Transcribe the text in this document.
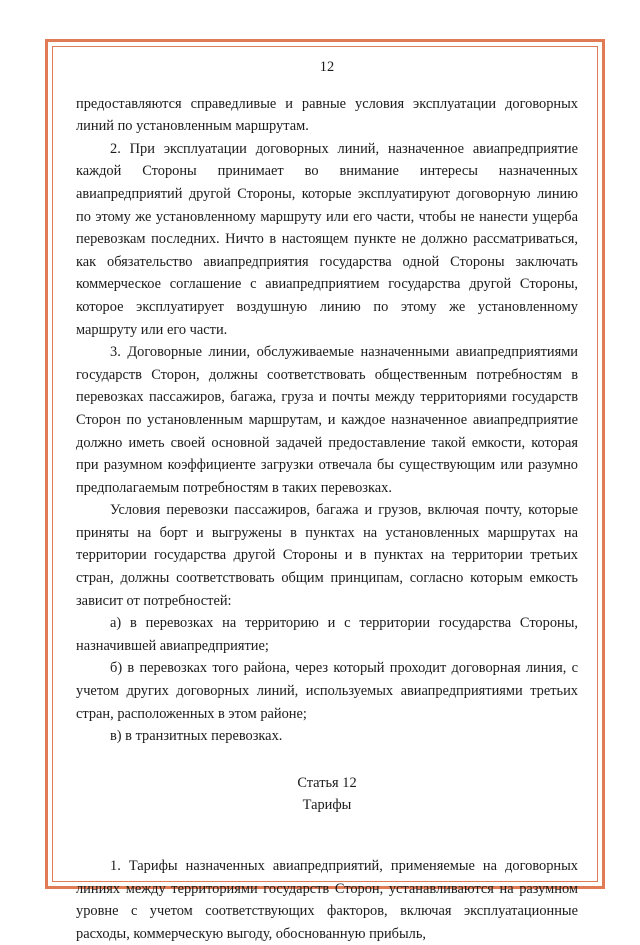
12

предоставляются справедливые и равные условия эксплуатации договорных линий по установленным маршрутам.

2. При эксплуатации договорных линий, назначенное авиапредприятие каждой Стороны принимает во внимание интересы назначенных авиапредприятий другой Стороны, которые эксплуатируют договорную линию по этому же установленному маршруту или его части, чтобы не нанести ущерба перевозкам последних. Ничто в настоящем пункте не должно рассматриваться, как обязательство авиапредприятия государства одной Стороны заключать коммерческое соглашение с авиапредприятием государства другой Стороны, которое эксплуатирует воздушную линию по этому же установленному маршруту или его части.

3. Договорные линии, обслуживаемые назначенными авиапредприятиями государств Сторон, должны соответствовать общественным потребностям в перевозках пассажиров, багажа, груза и почты между территориями государств Сторон по установленным маршрутам, и каждое назначенное авиапредприятие должно иметь своей основной задачей предоставление такой емкости, которая при разумном коэффициенте загрузки отвечала бы существующим или разумно предполагаемым потребностям в таких перевозках.

Условия перевозки пассажиров, багажа и грузов, включая почту, которые приняты на борт и выгружены в пунктах на установленных маршрутах на территории государства другой Стороны и в пунктах на территории третьих стран, должны соответствовать общим принципам, согласно которым емкость зависит от потребностей:

а) в перевозках на территорию и с территории государства Стороны, назначившей авиапредприятие;

б) в перевозках того района, через который проходит договорная линия, с учетом других договорных линий, используемых авиапредприятиями третьих стран, расположенных в этом районе;

в) в транзитных перевозках.

Статья 12
Тарифы

1. Тарифы назначенных авиапредприятий, применяемые на договорных линиях между территориями государств Сторон, устанавливаются на разумном уровне с учетом соответствующих факторов, включая эксплуатационные расходы, коммерческую выгоду, обоснованную прибыль,
